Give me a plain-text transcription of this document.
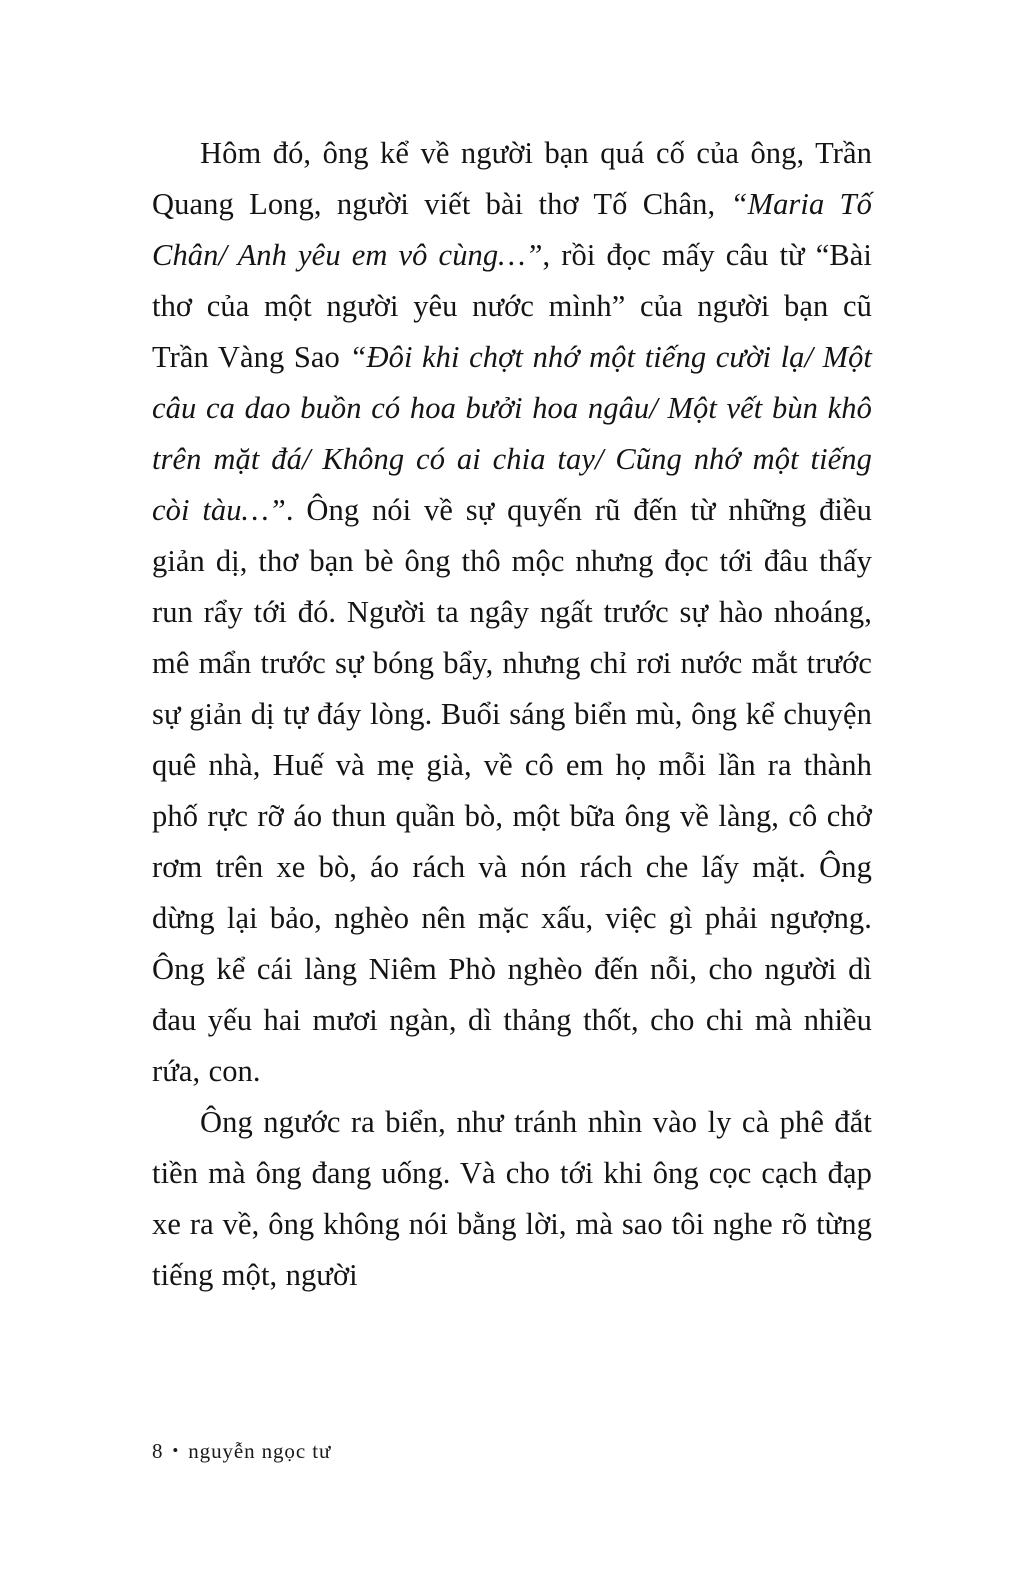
Hôm đó, ông kể về người bạn quá cố của ông, Trần Quang Long, người viết bài thơ Tố Chân, “Maria Tố Chân/ Anh yêu em vô cùng…”, rồi đọc mấy câu từ “Bài thơ của một người yêu nước mình” của người bạn cũ Trần Vàng Sao “Đôi khi chợt nhớ một tiếng cười lạ/ Một câu ca dao buồn có hoa bưởi hoa ngâu/ Một vết bùn khô trên mặt đá/ Không có ai chia tay/ Cũng nhớ một tiếng còi tàu…”. Ông nói về sự quyến rũ đến từ những điều giản dị, thơ bạn bè ông thô mộc nhưng đọc tới đâu thấy run rẩy tới đó. Người ta ngây ngất trước sự hào nhoáng, mê mẩn trước sự bóng bẩy, nhưng chỉ rơi nước mắt trước sự giản dị tự đáy lòng. Buổi sáng biển mù, ông kể chuyện quê nhà, Huế và mẹ già, về cô em họ mỗi lần ra thành phố rực rỡ áo thun quần bò, một bữa ông về làng, cô chở rơm trên xe bò, áo rách và nón rách che lấy mặt. Ông dừng lại bảo, nghèo nên mặc xấu, việc gì phải ngượng. Ông kể cái làng Niêm Phò nghèo đến nỗi, cho người dì đau yếu hai mươi ngàn, dì thảng thốt, cho chi mà nhiều rứa, con.

Ông ngước ra biển, như tránh nhìn vào ly cà phê đắt tiền mà ông đang uống. Và cho tới khi ông cọc cạch đạp xe ra về, ông không nói bằng lời, mà sao tôi nghe rõ từng tiếng một, người

8 • nguyễn ngọc tư
